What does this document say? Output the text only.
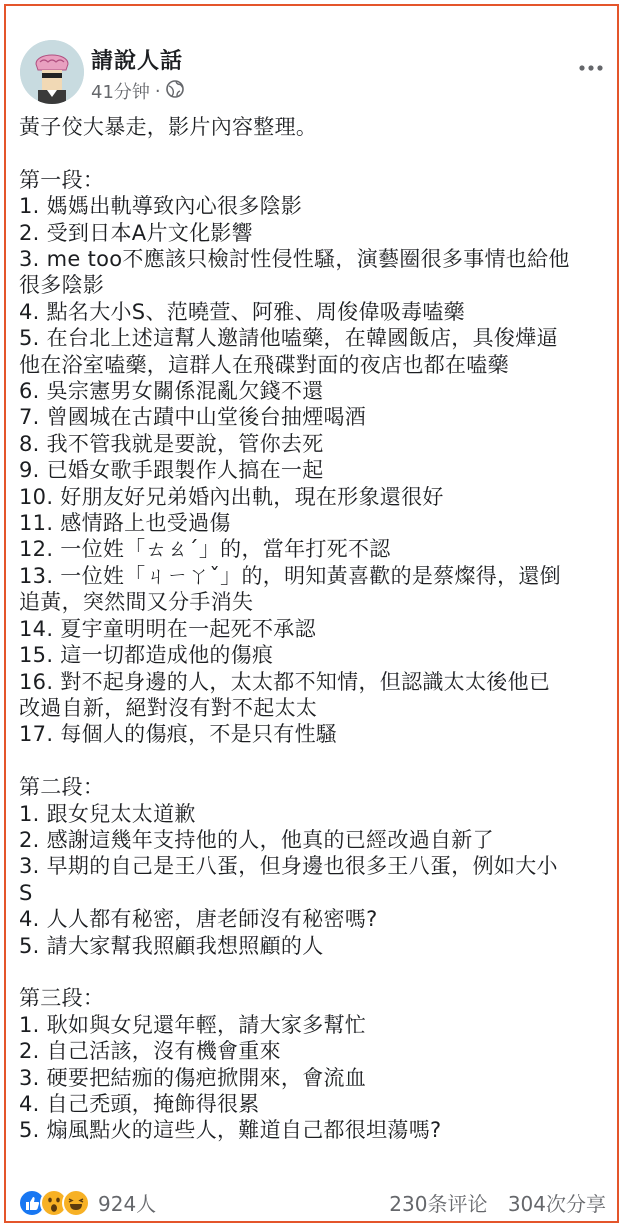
請說人話
41分钟 ·
黃子佼大暴走，影片內容整理。
第一段：
1. 媽媽出軌導致內心很多陰影
2. 受到日本A片文化影響
3. me too不應該只檢討性侵性騷，演藝圈很多事情也給他
很多陰影
4. 點名大小S、范曉萱、阿雅、周俊偉吸毒嗑藥
5. 在台北上述這幫人邀請他嗑藥，在韓國飯店，具俊燁逼
他在浴室嗑藥，這群人在飛碟對面的夜店也都在嗑藥
6. 吳宗憲男女關係混亂欠錢不還
7. 曾國城在古蹟中山堂後台抽煙喝酒
8. 我不管我就是要說，管你去死
9. 已婚女歌手跟製作人搞在一起
10. 好朋友好兄弟婚內出軌，現在形象還很好
11. 感情路上也受過傷
12. 一位姓「ㄊㄠˊ」的，當年打死不認
13. 一位姓「ㄐㄧㄚˇ」的，明知黃喜歡的是蔡燦得，還倒
追黃，突然間又分手消失
14. 夏宇童明明在一起死不承認
15. 這一切都造成他的傷痕
16. 對不起身邊的人，太太都不知情，但認識太太後他已
改過自新，絕對沒有對不起太太
17. 每個人的傷痕，不是只有性騷
第二段：
1. 跟女兒太太道歉
2. 感謝這幾年支持他的人，他真的已經改過自新了
3. 早期的自己是王八蛋，但身邊也很多王八蛋，例如大小
S
4. 人人都有秘密，唐老師沒有秘密嗎?
5. 請大家幫我照顧我想照顧的人
第三段：
1. 耿如與女兒還年輕，請大家多幫忙
2. 自己活該，沒有機會重來
3. 硬要把結痂的傷疤掀開來，會流血
4. 自己禿頭，掩飾得很累
5. 煽風點火的這些人，難道自己都很坦蕩嗎?
924人	230条评论 304次分享
